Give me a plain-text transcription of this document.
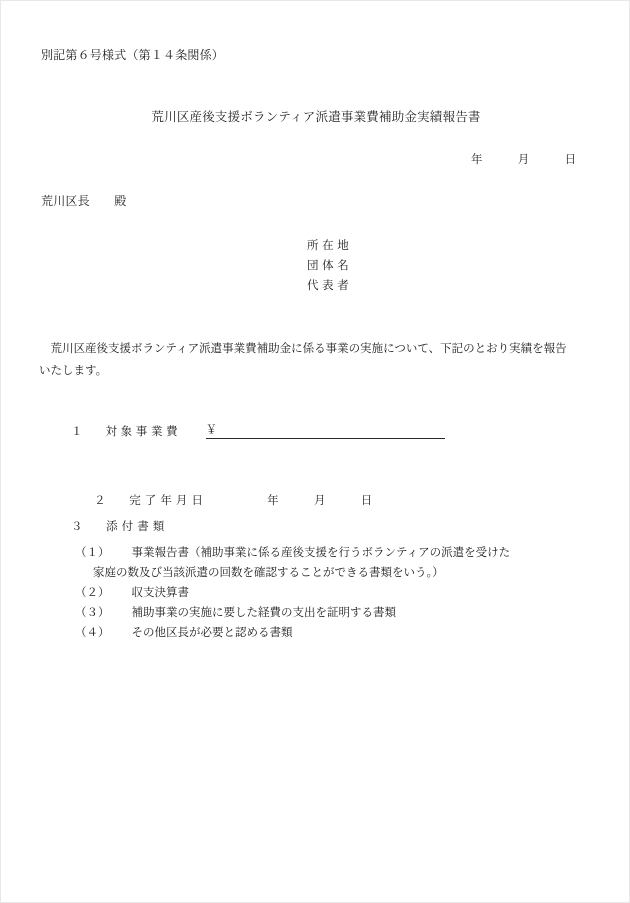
別記第６号様式（第１４条関係）
荒川区産後支援ボランティア派遣事業費補助金実績報告書
年　　　月　　　日
荒川区長　　殿
所 在 地
団 体 名
代 表 者
　荒川区産後支援ボランティア派遣事業費補助金に係る事業の実施について、下記のとおり実績を報告
いたします。
１　　対 象 事 業 費 ￥

２　　完 了 年 月 日	年　　　月　　　日

３　　添 付 書 類
（１） 事業報告書（補助事業に係る産後支援を行うボランティアの派遣を受けた
家庭の数及び当該派遣の回数を確認することができる書類をいう。）
（２） 収支決算書
（３） 補助事業の実施に要した経費の支出を証明する書類
（４） その他区長が必要と認める書類
